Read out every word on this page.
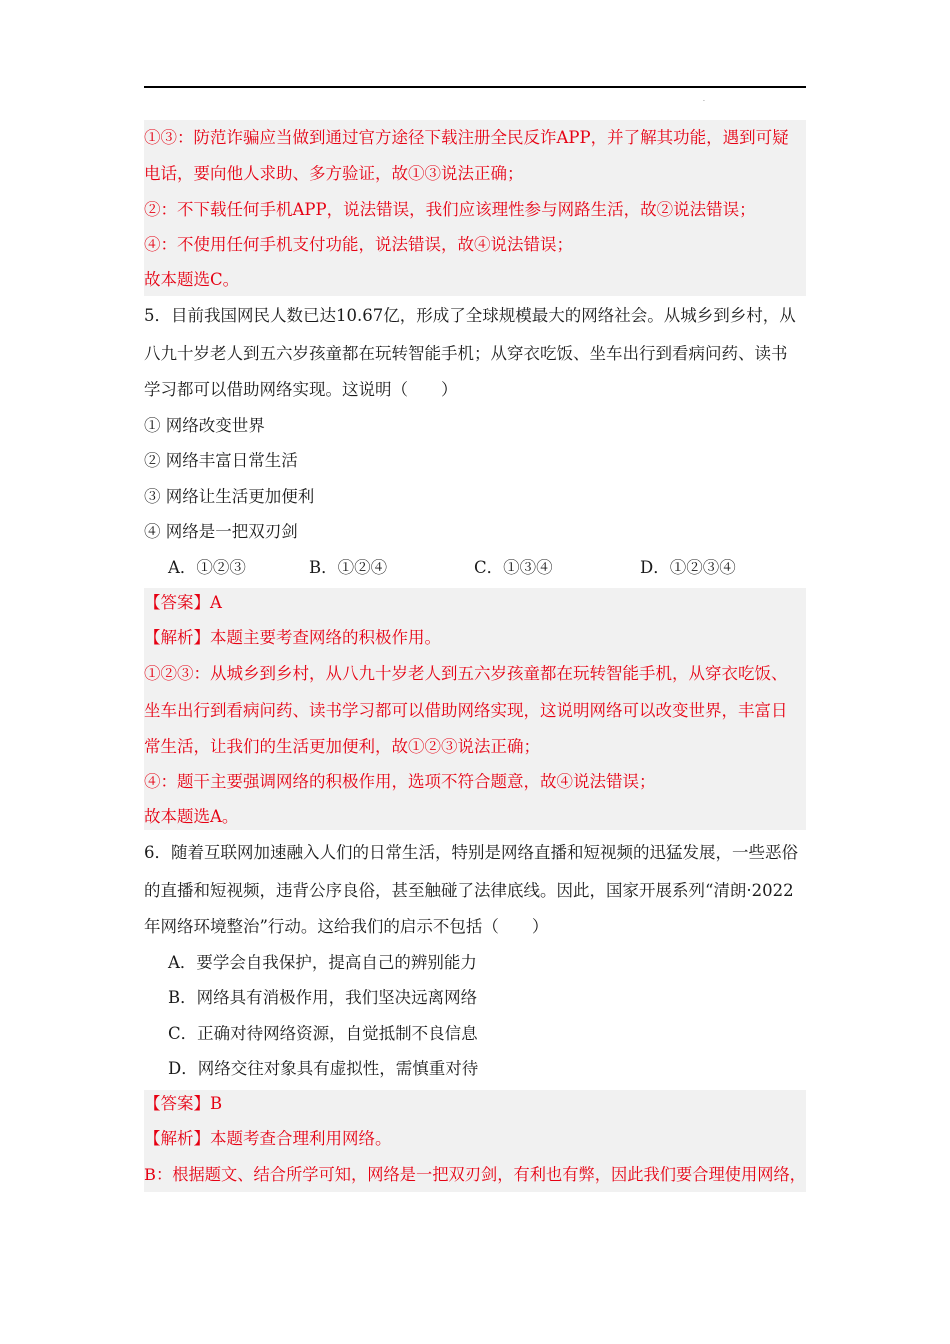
.
①③：防范诈骗应当做到通过官方途径下载注册全民反诈APP，并了解其功能，遇到可疑
电话，要向他人求助、多方验证，故①③说法正确；
②：不下载任何手机APP，说法错误，我们应该理性参与网路生活，故②说法错误；
④：不使用任何手机支付功能，说法错误，故④说法错误；
故本题选C。
5．目前我国网民人数已达10.67亿，形成了全球规模最大的网络社会。从城乡到乡村，从
八九十岁老人到五六岁孩童都在玩转智能手机；从穿衣吃饭、坐车出行到看病问药、读书
学习都可以借助网络实现。这说明（　　）
① 网络改变世界
② 网络丰富日常生活
③ 网络让生活更加便利
④ 网络是一把双刃剑
A．①②③	B．①②④	C．①③④	D．①②③④
【答案】A
【解析】本题主要考查网络的积极作用。
①②③：从城乡到乡村，从八九十岁老人到五六岁孩童都在玩转智能手机，从穿衣吃饭、
坐车出行到看病问药、读书学习都可以借助网络实现，这说明网络可以改变世界，丰富日
常生活，让我们的生活更加便利，故①②③说法正确；
④：题干主要强调网络的积极作用，选项不符合题意，故④说法错误；
故本题选A。
6．随着互联网加速融入人们的日常生活，特别是网络直播和短视频的迅猛发展，一些恶俗
的直播和短视频，违背公序良俗，甚至触碰了法律底线。因此，国家开展系列“清朗·2022
年网络环境整治”行动。这给我们的启示不包括（　　）
A．要学会自我保护，提高自己的辨别能力
B．网络具有消极作用，我们坚决远离网络
C．正确对待网络资源，自觉抵制不良信息
D．网络交往对象具有虚拟性，需慎重对待
【答案】B
【解析】本题考查合理利用网络。
B：根据题文、结合所学可知，网络是一把双刃剑，有利也有弊，因此我们要合理使用网络，
